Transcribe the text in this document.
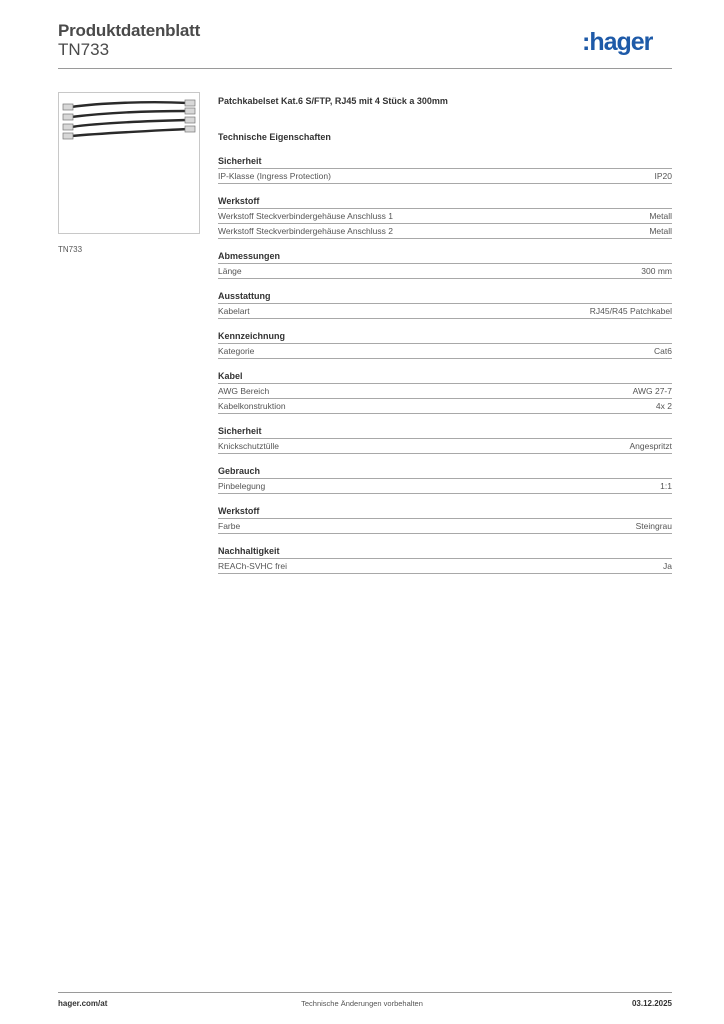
Produktdatenblatt
TN733	:hager
TN733
Patchkabelset Kat.6 S/FTP, RJ45 mit 4 Stück a 300mm
Technische Eigenschaften
Sicherheit
IP-Klasse (Ingress Protection)	IP20
Werkstoff
Werkstoff Steckverbindergehäuse Anschluss 1	Metall
Werkstoff Steckverbindergehäuse Anschluss 2	Metall
Abmessungen
Länge	300 mm
Ausstattung
Kabelart	RJ45/R45 Patchkabel
Kennzeichnung
Kategorie	Cat6
Kabel
AWG Bereich	AWG 27-7
Kabelkonstruktion	4x 2
Sicherheit
Knickschutztülle	Angespritzt
Gebrauch
Pinbelegung	1:1
Werkstoff
Farbe	Steingrau
Nachhaltigkeit
REACh-SVHC frei	Ja
hager.com/at	Technische Änderungen vorbehalten	03.12.2025
